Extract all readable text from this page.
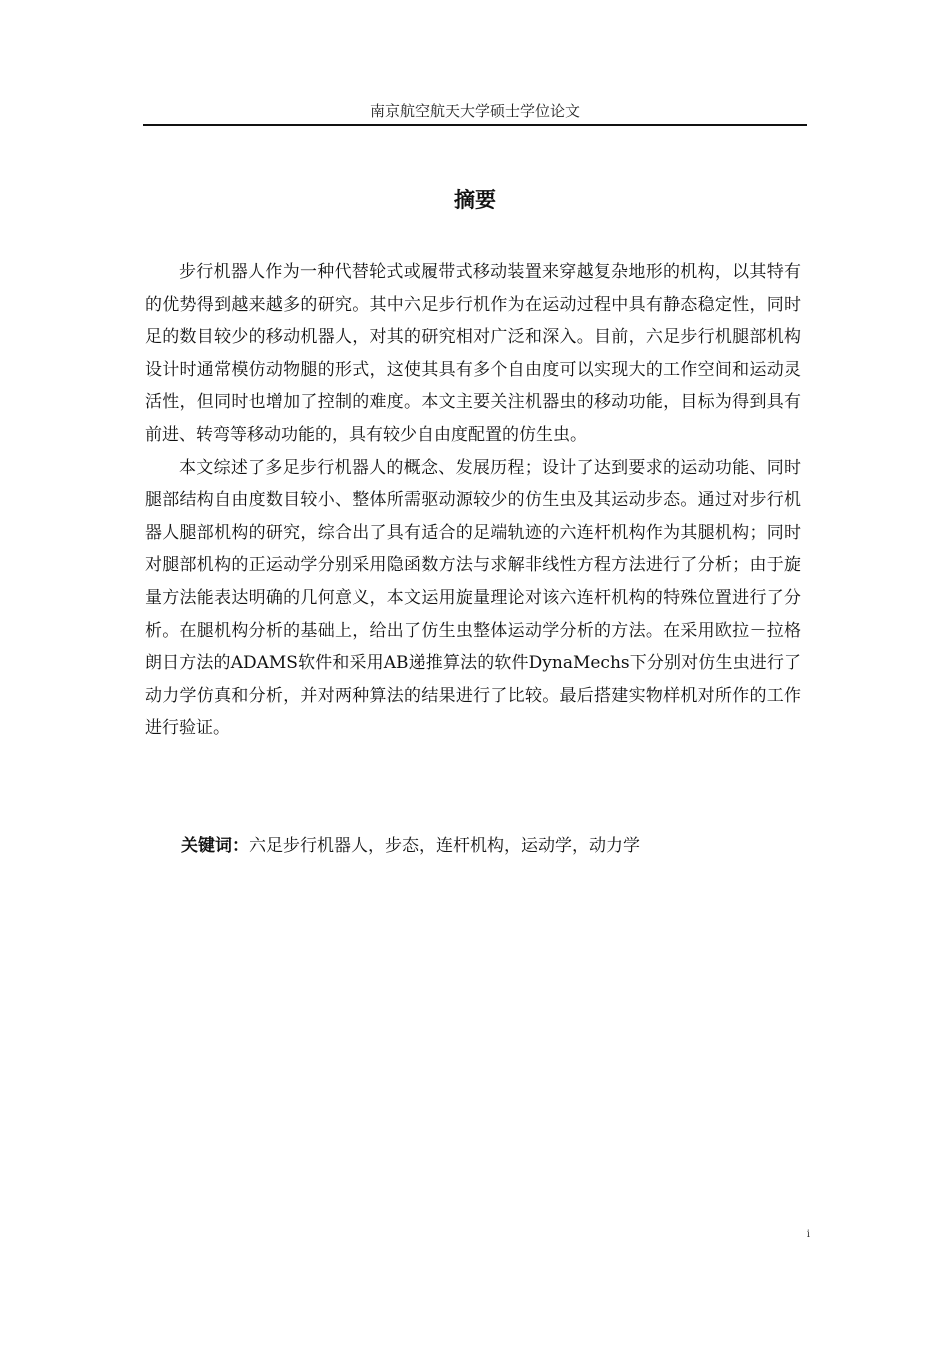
南京航空航天大学硕士学位论文
摘要

步行机器人作为一种代替轮式或履带式移动装置来穿越复杂地形的机构，以其特有的优势得到越来越多的研究。其中六足步行机作为在运动过程中具有静态稳定性，同时足的数目较少的移动机器人，对其的研究相对广泛和深入。目前，六足步行机腿部机构设计时通常模仿动物腿的形式，这使其具有多个自由度可以实现大的工作空间和运动灵活性，但同时也增加了控制的难度。本文主要关注机器虫的移动功能，目标为得到具有前进、转弯等移动功能的，具有较少自由度配置的仿生虫。

本文综述了多足步行机器人的概念、发展历程；设计了达到要求的运动功能、同时腿部结构自由度数目较小、整体所需驱动源较少的仿生虫及其运动步态。通过对步行机器人腿部机构的研究，综合出了具有适合的足端轨迹的六连杆机构作为其腿机构；同时对腿部机构的正运动学分别采用隐函数方法与求解非线性方程方法进行了分析；由于旋量方法能表达明确的几何意义，本文运用旋量理论对该六连杆机构的特殊位置进行了分析。在腿机构分析的基础上，给出了仿生虫整体运动学分析的方法。在采用欧拉－拉格朗日方法的ADAMS软件和采用AB递推算法的软件DynaMechs下分别对仿生虫进行了动力学仿真和分析，并对两种算法的结果进行了比较。最后搭建实物样机对所作的工作进行验证。

关键词：六足步行机器人，步态，连杆机构，运动学，动力学
i
